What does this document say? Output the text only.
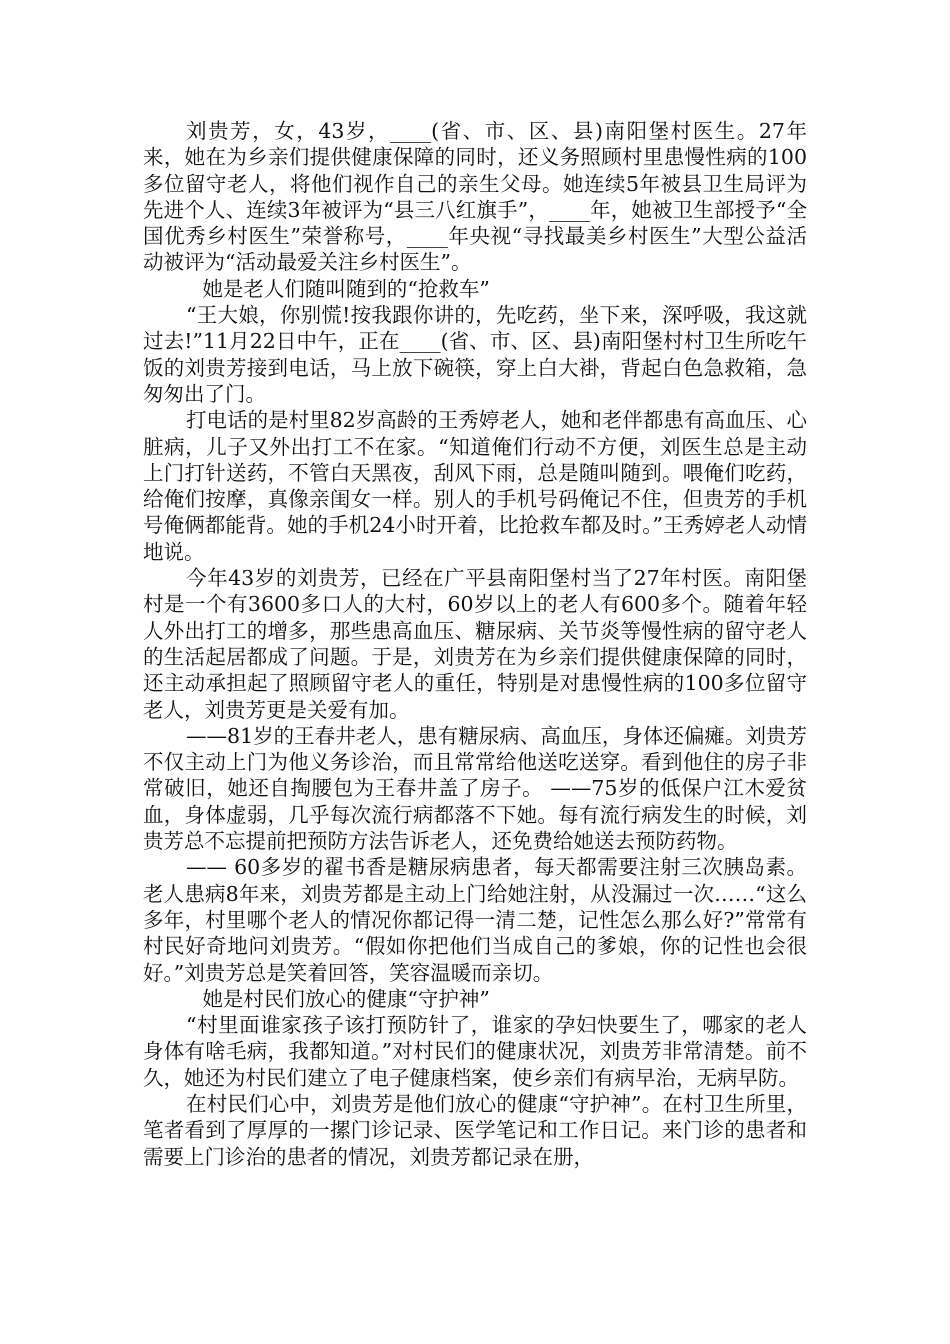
刘贵芳，女，43岁，____(省、市、区、县)南阳堡村医生。27年来，她在为乡亲们提供健康保障的同时，还义务照顾村里患慢性病的100多位留守老人，将他们视作自己的亲生父母。她连续5年被县卫生局评为先进个人、连续3年被评为“县三八红旗手”，____年，她被卫生部授予“全国优秀乡村医生”荣誉称号，____年央视“寻找最美乡村医生”大型公益活动被评为“活动最爱关注乡村医生”。

她是老人们随叫随到的“抢救车”

“王大娘，你别慌!按我跟你讲的，先吃药，坐下来，深呼吸，我这就过去!”11月22日中午，正在____(省、市、区、县)南阳堡村村卫生所吃午饭的刘贵芳接到电话，马上放下碗筷，穿上白大褂，背起白色急救箱，急匆匆出了门。

打电话的是村里82岁高龄的王秀婷老人，她和老伴都患有高血压、心脏病，儿子又外出打工不在家。“知道俺们行动不方便，刘医生总是主动上门打针送药，不管白天黑夜，刮风下雨，总是随叫随到。喂俺们吃药，给俺们按摩，真像亲闺女一样。别人的手机号码俺记不住，但贵芳的手机号俺俩都能背。她的手机24小时开着，比抢救车都及时。”王秀婷老人动情地说。

今年43岁的刘贵芳，已经在广平县南阳堡村当了27年村医。南阳堡村是一个有3600多口人的大村，60岁以上的老人有600多个。随着年轻人外出打工的增多，那些患高血压、糖尿病、关节炎等慢性病的留守老人的生活起居都成了问题。于是，刘贵芳在为乡亲们提供健康保障的同时，还主动承担起了照顾留守老人的重任，特别是对患慢性病的100多位留守老人，刘贵芳更是关爱有加。

——81岁的王春井老人，患有糖尿病、高血压，身体还偏瘫。刘贵芳不仅主动上门为他义务诊治，而且常常给他送吃送穿。看到他住的房子非常破旧，她还自掏腰包为王春井盖了房子。 ——75岁的低保户江木爱贫血，身体虚弱，几乎每次流行病都落不下她。每有流行病发生的时候，刘贵芳总不忘提前把预防方法告诉老人，还免费给她送去预防药物。

—— 60多岁的翟书香是糖尿病患者，每天都需要注射三次胰岛素。老人患病8年来，刘贵芳都是主动上门给她注射，从没漏过一次……“这么多年，村里哪个老人的情况你都记得一清二楚，记性怎么那么好?”常常有村民好奇地问刘贵芳。“假如你把他们当成自己的爹娘，你的记性也会很好。”刘贵芳总是笑着回答，笑容温暖而亲切。

她是村民们放心的健康“守护神”

“村里面谁家孩子该打预防针了，谁家的孕妇快要生了，哪家的老人身体有啥毛病，我都知道。”对村民们的健康状况，刘贵芳非常清楚。前不久，她还为村民们建立了电子健康档案，使乡亲们有病早治，无病早防。

在村民们心中，刘贵芳是他们放心的健康“守护神”。在村卫生所里，笔者看到了厚厚的一摞门诊记录、医学笔记和工作日记。来门诊的患者和需要上门诊治的患者的情况，刘贵芳都记录在册，
